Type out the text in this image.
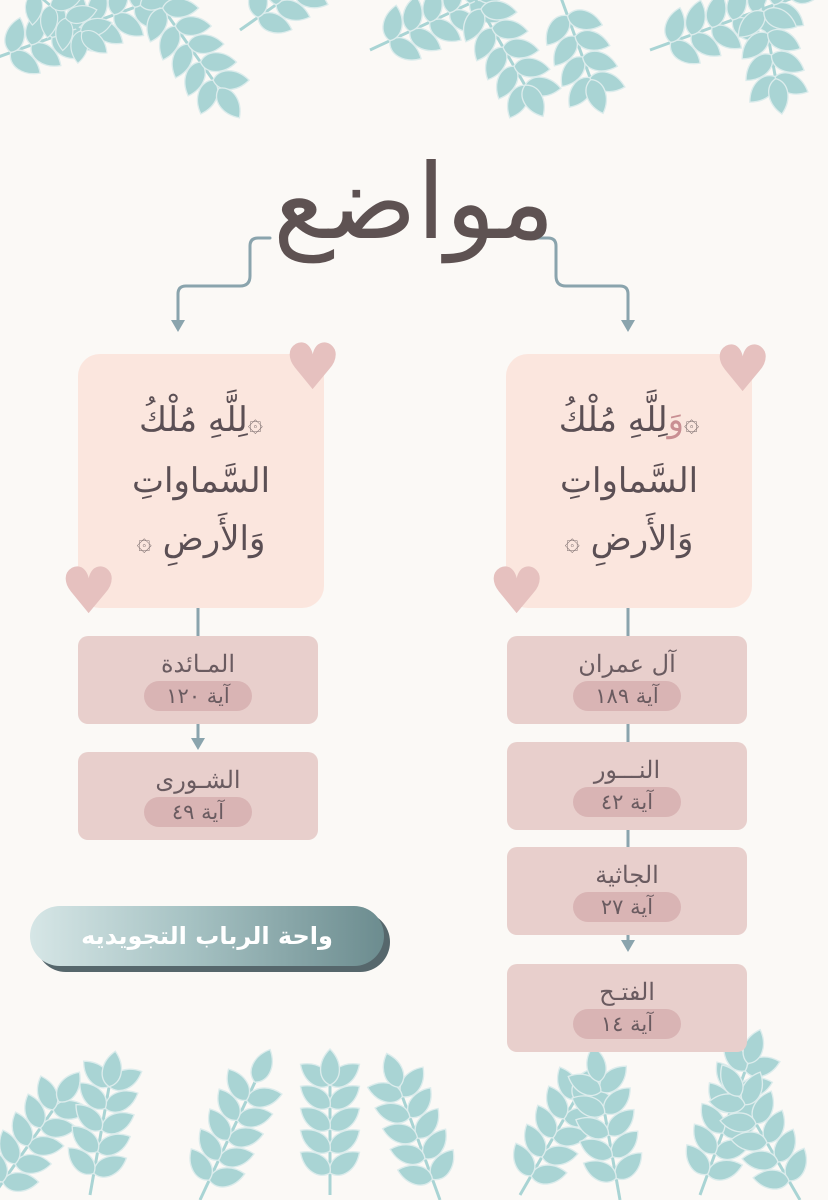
مواضع
۞وَلِلَّهِ مُلْكُ
السَّماواتِ
وَالأَرضِ ۞
♥
♥
۞لِلَّهِ مُلْكُ
السَّماواتِ
وَالأَرضِ ۞
♥
♥
آل عمران
آية ١٨٩
النـــور
آية ٤٢
الجاثية
آية ٢٧
الفتـح
آية ١٤
المـائدة
آية ١٢٠
الشـورى
آية ٤٩
واحة الرباب التجويديه
